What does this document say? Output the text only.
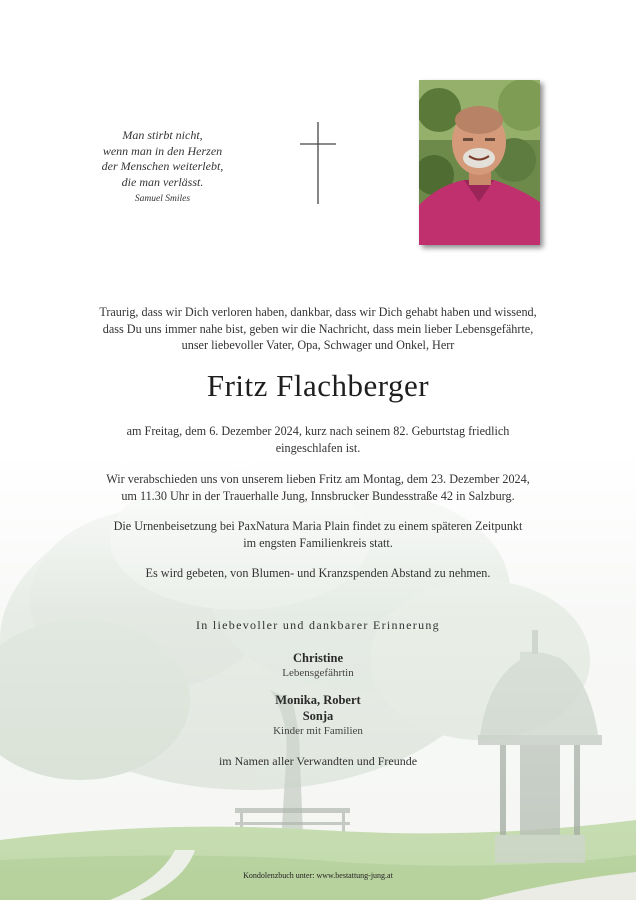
Man stirbt nicht,
wenn man in den Herzen
der Menschen weiterlebt,
die man verlässt.
Samuel Smiles
Traurig, dass wir Dich verloren haben, dankbar, dass wir Dich gehabt haben und wissend,
dass Du uns immer nahe bist, geben wir die Nachricht, dass mein lieber Lebensgefährte,
unser liebevoller Vater, Opa, Schwager und Onkel, Herr
Fritz Flachberger
am Freitag, dem 6. Dezember 2024, kurz nach seinem 82. Geburtstag friedlich
eingeschlafen ist.
Wir verabschieden uns von unserem lieben Fritz am Montag, dem 23. Dezember 2024,
um 11.30 Uhr in der Trauerhalle Jung, Innsbrucker Bundesstraße 42 in Salzburg.
Die Urnenbeisetzung bei PaxNatura Maria Plain findet zu einem späteren Zeitpunkt
im engsten Familienkreis statt.
Es wird gebeten, von Blumen- und Kranzspenden Abstand zu nehmen.
In liebevoller und dankbarer Erinnerung
Christine
Lebensgefährtin
Monika, Robert
Sonja
Kinder mit Familien
im Namen aller Verwandten und Freunde
Kondolenzbuch unter: www.bestattung-jung.at
